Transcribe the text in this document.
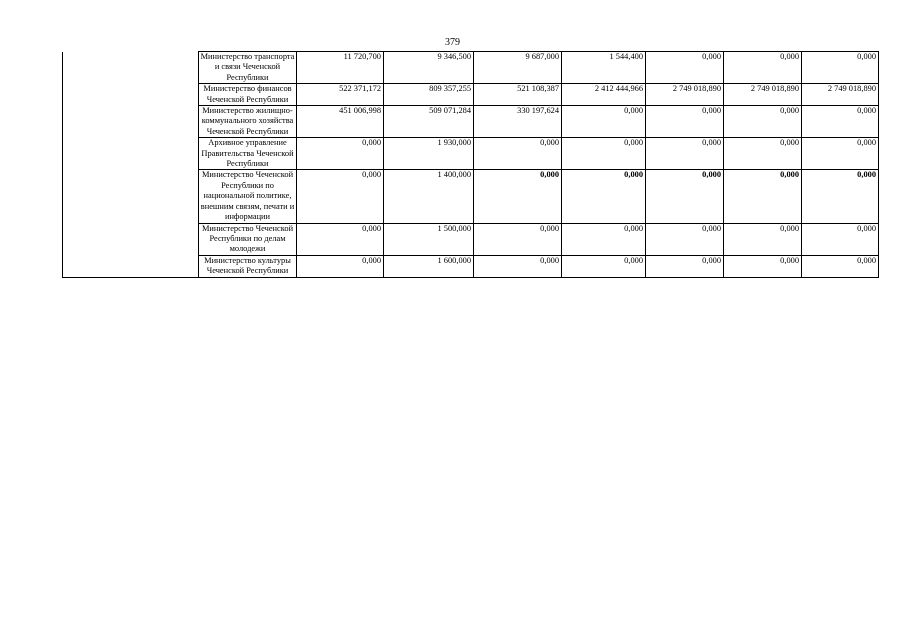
379
	Министерство транспорта и связи Чеченской Республики	11 720,700	9 346,500	9 687,000	1 544,400	0,000	0,000	0,000
	Министерство финансов Чеченской Республики	522 371,172	809 357,255	521 108,387	2 412 444,966	2 749 018,890	2 749 018,890	2 749 018,890
	Министерство жилищно-коммунального хозяйства Чеченской Республики	451 006,998	509 071,284	330 197,624	0,000	0,000	0,000	0,000
	Архивное управление Правительства Чеченской Республики	0,000	1 930,000	0,000	0,000	0,000	0,000	0,000
	Министерство Чеченской Республики по национальной политике, внешним связям, печати и информации	0,000	1 400,000	0,000	0,000	0,000	0,000	0,000
	Министерство Чеченской Республики по делам молодежи	0,000	1 500,000	0,000	0,000	0,000	0,000	0,000
	Министерство культуры Чеченской Республики	0,000	1 600,000	0,000	0,000	0,000	0,000	0,000
